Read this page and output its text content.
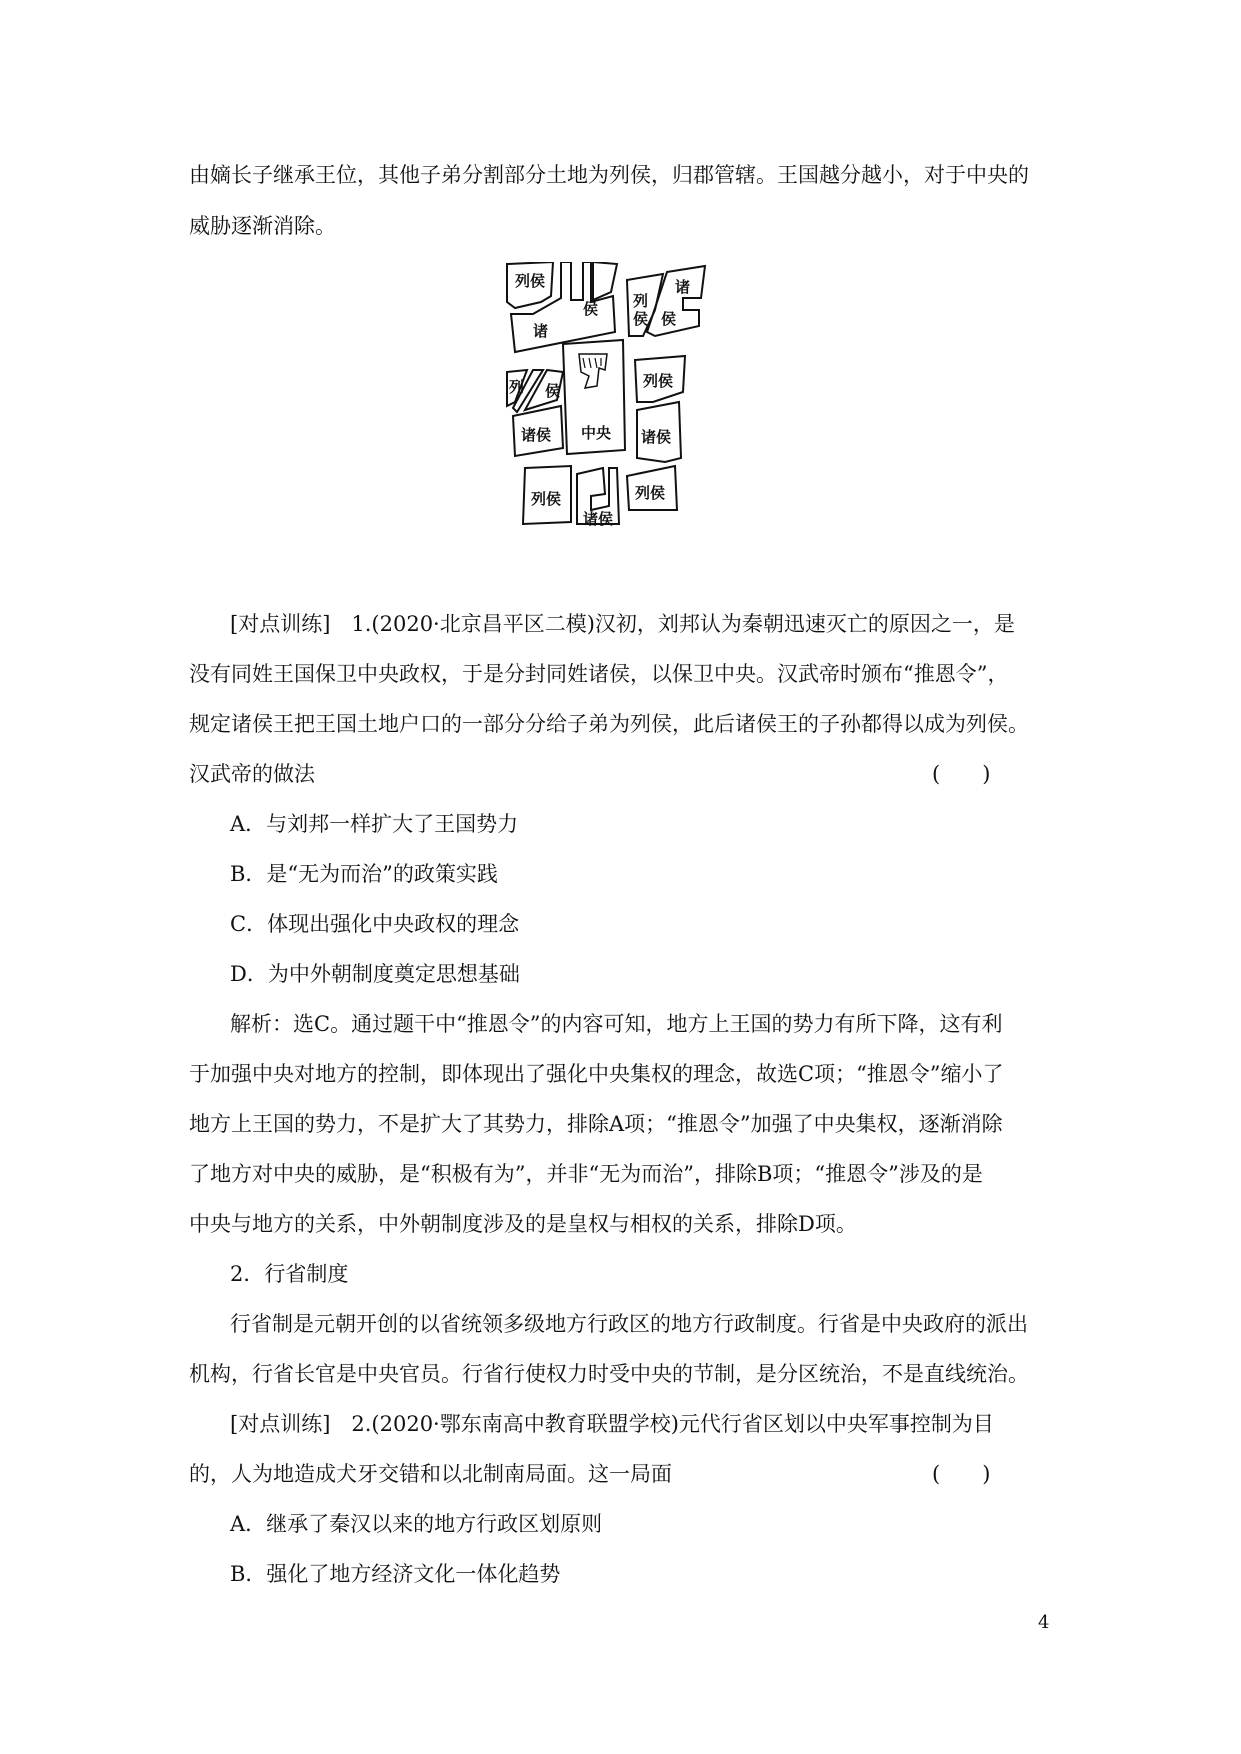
由嫡长子继承王位，其他子弟分割部分土地为列侯，归郡管辖。王国越分越小，对于中央的
威胁逐渐消除。
列侯
诸
侯 列
侯
诸
侯
列 侯
诸侯 中央
列侯
诸侯
列侯
诸侯
列侯
[对点训练]　1.(2020·北京昌平区二模)汉初，刘邦认为秦朝迅速灭亡的原因之一，是
没有同姓王国保卫中央政权，于是分封同姓诸侯，以保卫中央。汉武帝时颁布“推恩令”，
规定诸侯王把王国土地户口的一部分分给子弟为列侯，此后诸侯王的子孙都得以成为列侯。
汉武帝的做法	(　　)
A．与刘邦一样扩大了王国势力
B．是“无为而治”的政策实践
C．体现出强化中央政权的理念
D．为中外朝制度奠定思想基础
解析：选C。通过题干中“推恩令”的内容可知，地方上王国的势力有所下降，这有利
于加强中央对地方的控制，即体现出了强化中央集权的理念，故选C项；“推恩令”缩小了
地方上王国的势力，不是扩大了其势力，排除A项；“推恩令”加强了中央集权，逐渐消除
了地方对中央的威胁，是“积极有为”，并非“无为而治”，排除B项；“推恩令”涉及的是
中央与地方的关系，中外朝制度涉及的是皇权与相权的关系，排除D项。
2．行省制度
行省制是元朝开创的以省统领多级地方行政区的地方行政制度。行省是中央政府的派出
机构，行省长官是中央官员。行省行使权力时受中央的节制，是分区统治，不是直线统治。
[对点训练]　2.(2020·鄂东南高中教育联盟学校)元代行省区划以中央军事控制为目
的，人为地造成犬牙交错和以北制南局面。这一局面	(　　)
A．继承了秦汉以来的地方行政区划原则
B．强化了地方经济文化一体化趋势
4
